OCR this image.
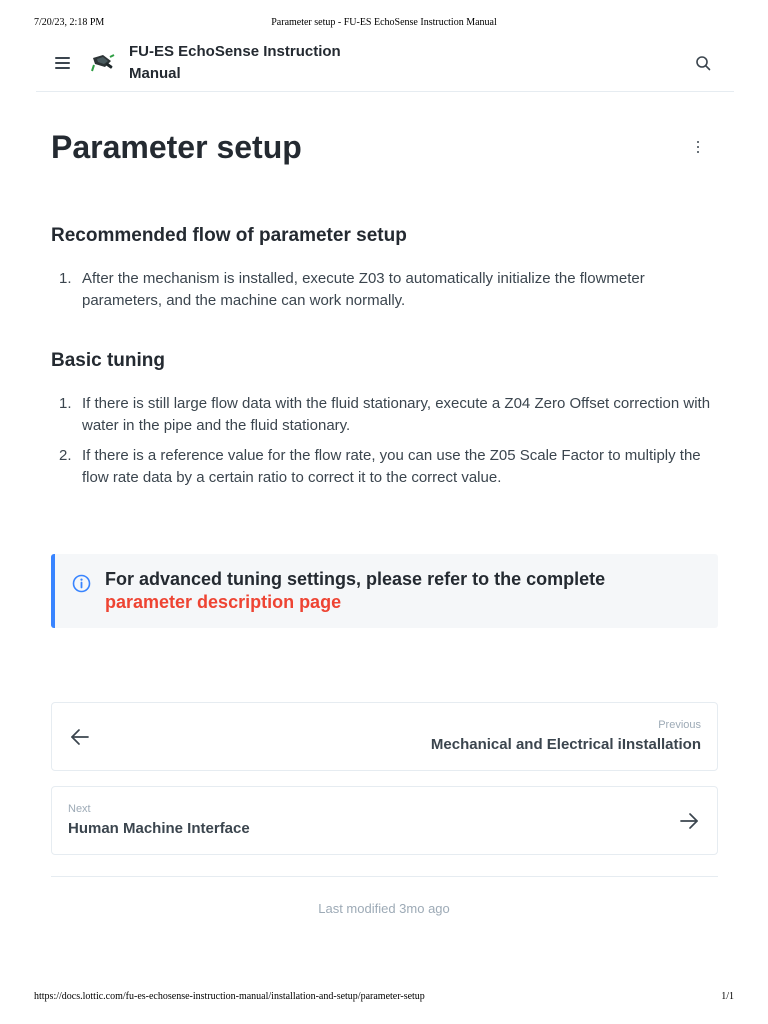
7/20/23, 2:18 PM	Parameter setup - FU-ES EchoSense Instruction Manual
FU-ES EchoSense Instruction Manual
Parameter setup
Recommended flow of parameter setup
1. After the mechanism is installed, execute Z03 to automatically initialize the flowmeter parameters, and the machine can work normally.
Basic tuning
1. If there is still large flow data with the fluid stationary, execute a Z04 Zero Offset correction with water in the pipe and the fluid stationary.
2. If there is a reference value for the flow rate, you can use the Z05 Scale Factor to multiply the flow rate data by a certain ratio to correct it to the correct value.
For advanced tuning settings, please refer to the complete
parameter description page
Previous
Mechanical and Electrical iInstallation
Next
Human Machine Interface
Last modified 3mo ago
https://docs.lottic.com/fu-es-echosense-instruction-manual/installation-and-setup/parameter-setup	1/1
